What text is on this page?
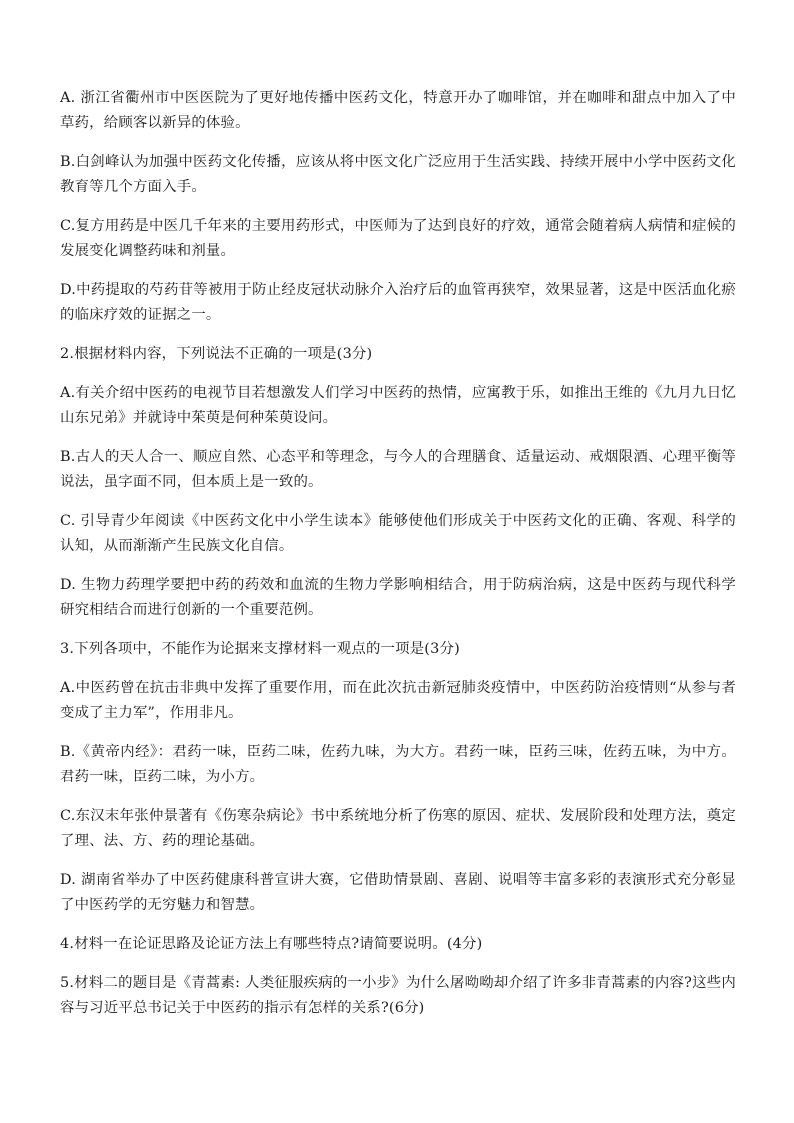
A. 浙江省衢州市中医医院为了更好地传播中医药文化，特意开办了咖啡馆，并在咖啡和甜点中加入了中草药，给顾客以新异的体验。

B.白剑峰认为加强中医药文化传播，应该从将中医文化广泛应用于生活实践、持续开展中小学中医药文化教育等几个方面入手。

C.复方用药是中医几千年来的主要用药形式，中医师为了达到良好的疗效，通常会随着病人病情和症候的发展变化调整药味和剂量。

D.中药提取的芍药苷等被用于防止经皮冠状动脉介入治疗后的血管再狭窄，效果显著，这是中医活血化瘀的临床疗效的证据之一。

2.根据材料内容，下列说法不正确的一项是(3分)

A.有关介绍中医药的电视节目若想激发人们学习中医药的热情，应寓教于乐，如推出王维的《九月九日忆山东兄弟》并就诗中茱萸是何种茱萸设问。

B.古人的天人合一、顺应自然、心态平和等理念，与今人的合理膳食、适量运动、戒烟限酒、心理平衡等说法，虽字面不同，但本质上是一致的。

C. 引导青少年阅读《中医药文化中小学生读本》能够使他们形成关于中医药文化的正确、客观、科学的认知，从而渐渐产生民族文化自信。

D. 生物力药理学要把中药的药效和血流的生物力学影响相结合，用于防病治病，这是中医药与现代科学研究相结合而进行创新的一个重要范例。

3.下列各项中，不能作为论据来支撑材料一观点的一项是(3分)

A.中医药曾在抗击非典中发挥了重要作用，而在此次抗击新冠肺炎疫情中，中医药防治疫情则“从参与者变成了主力军”，作用非凡。

B.《黄帝内经》：君药一味，臣药二味，佐药九味，为大方。君药一味，臣药三味，佐药五味，为中方。君药一味，臣药二味，为小方。

C.东汉末年张仲景著有《伤寒杂病论》书中系统地分析了伤寒的原因、症状、发展阶段和处理方法，奠定了理、法、方、药的理论基础。

D. 湖南省举办了中医药健康科普宣讲大赛，它借助情景剧、喜剧、说唱等丰富多彩的表演形式充分彰显了中医药学的无穷魅力和智慧。

4.材料一在论证思路及论证方法上有哪些特点?请简要说明。(4分)

5.材料二的题目是《青蒿素: 人类征服疾病的一小步》为什么屠呦呦却介绍了许多非青蒿素的内容?这些内容与习近平总书记关于中医药的指示有怎样的关系?(6分)
